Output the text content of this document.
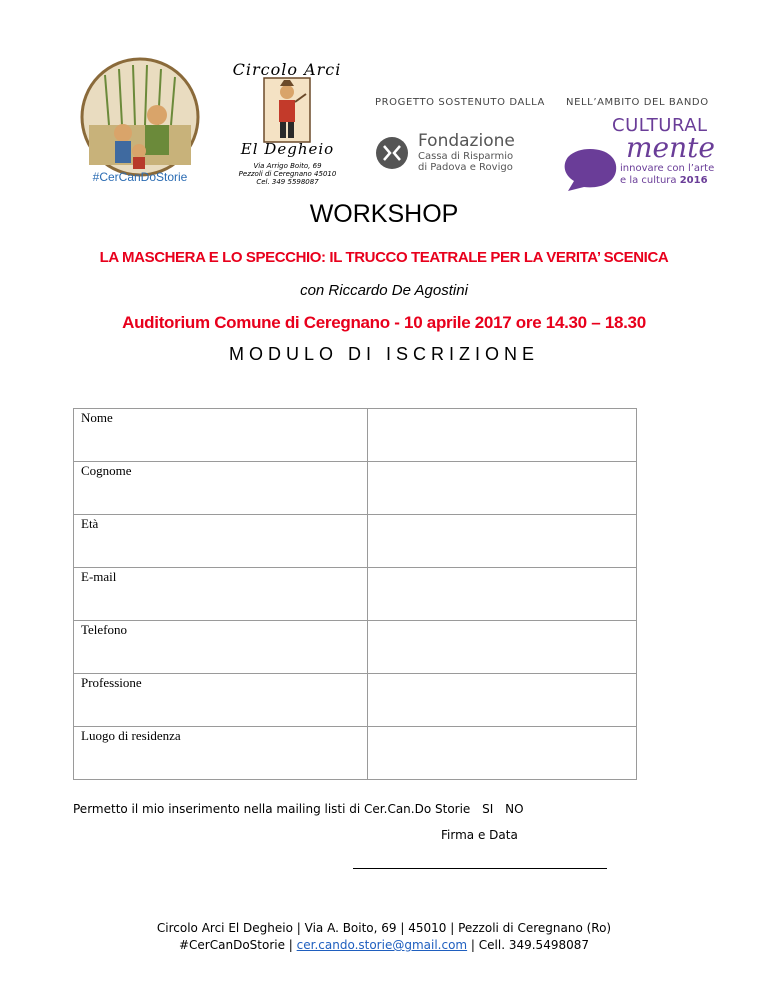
#CerCanDoStorie
Circolo Arci
El Degheio
Via Arrigo Boito, 69
Pezzoli di Ceregnano 45010
Cel. 349 5598087
PROGETTO SOSTENUTO DALLA NELL’AMBITO DEL BANDO
Fondazione
Cassa di Risparmio
di Padova e Rovigo
CULTURAL
mente
innovare con l’arte
e la cultura 2016
WORKSHOP
LA MASCHERA E LO SPECCHIO: IL TRUCCO TEATRALE PER LA VERITA’ SCENICA
con Riccardo De Agostini
Auditorium Comune di Ceregnano - 10 aprile 2017 ore 14.30 – 18.30
MODULO DI ISCRIZIONE
Nome	
Cognome	
Età	
E-mail	
Telefono	
Professione	
Luogo di residenza	
Permetto il mio inserimento nella mailing listi di Cer.Can.Do Storie SI NO
Firma e Data
Circolo Arci El Degheio | Via A. Boito, 69 | 45010 | Pezzoli di Ceregnano (Ro)
#CerCanDoStorie | cer.cando.storie@gmail.com | Cell. 349.5498087
